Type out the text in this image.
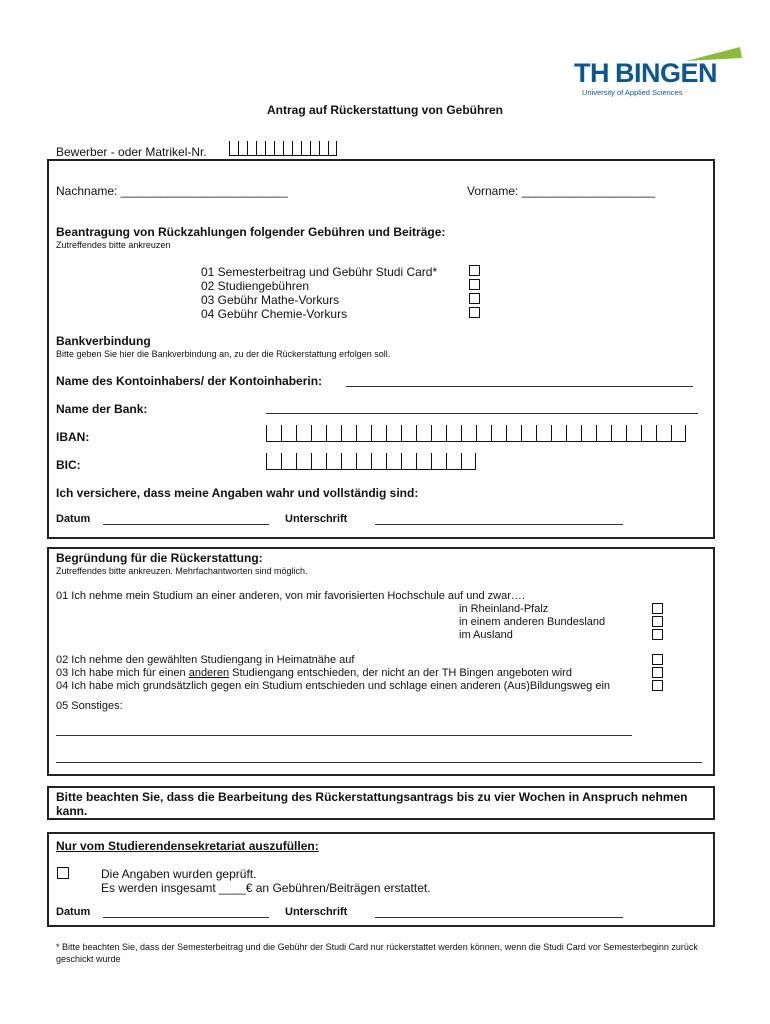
TH BINGEN
University of Applied Sciences
Antrag auf Rückerstattung von Gebühren
Bewerber - oder Matrikel-Nr.
Nachname: _________________________	Vorname: ____________________
Beantragung von Rückzahlungen folgender Gebühren und Beiträge:
Zutreffendes bitte ankreuzen
01 Semesterbeitrag und Gebühr Studi Card*
02 Studiengebühren
03 Gebühr Mathe-Vorkurs
04 Gebühr Chemie-Vorkurs
Bankverbindung
Bitte geben Sie hier die Bankverbindung an, zu der die Rückerstattung erfolgen soll.
Name des Kontoinhabers/ der Kontoinhaberin:
Name der Bank:
IBAN:
BIC:
Ich versichere, dass meine Angaben wahr und vollständig sind:
Datum	Unterschrift
Begründung für die Rückerstattung:
Zutreffendes bitte ankreuzen. Mehrfachantworten sind möglich.
01 Ich nehme mein Studium an einer anderen, von mir favorisierten Hochschule auf und zwar….
in Rheinland-Pfalz
in einem anderen Bundesland
im Ausland
02 Ich nehme den gewählten Studiengang in Heimatnähe auf
03 Ich habe mich für einen anderen Studiengang entschieden, der nicht an der TH Bingen angeboten wird
04 Ich habe mich grundsätzlich gegen ein Studium entschieden und schlage einen anderen (Aus)Bildungsweg ein
05 Sonstiges:
Bitte beachten Sie, dass die Bearbeitung des Rückerstattungsantrags bis zu vier Wochen in Anspruch nehmen kann.
Nur vom Studierendensekretariat auszufüllen:
Die Angaben wurden geprüft.
Es werden insgesamt ____€ an Gebühren/Beiträgen erstattet.
Datum	Unterschrift
* Bitte beachten Sie, dass der Semesterbeitrag und die Gebühr der Studi Card nur rückerstattet werden können, wenn die Studi Card vor Semesterbeginn zurück geschickt wurde
